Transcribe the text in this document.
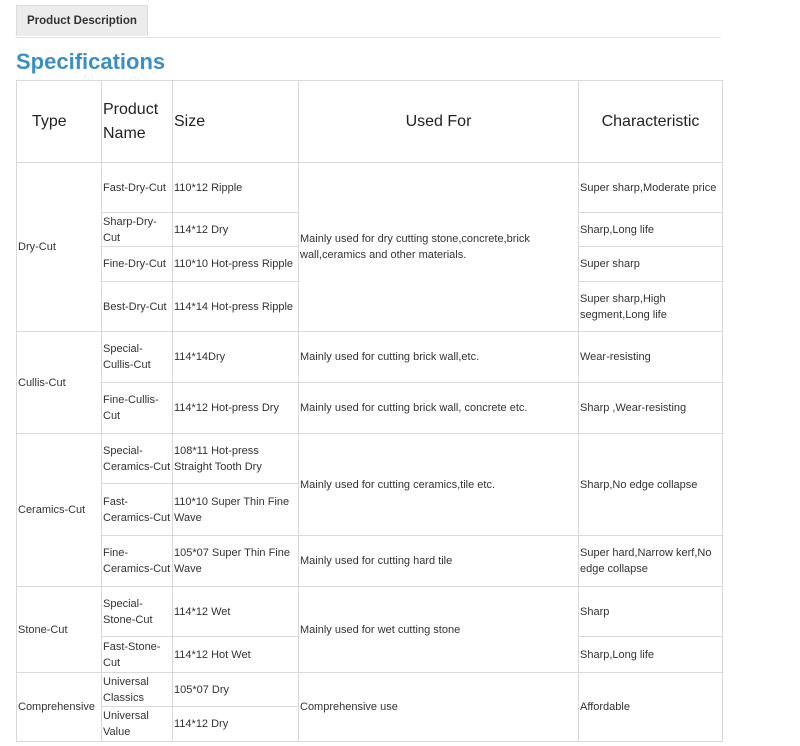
Product Description
Specifications
Type	Product Name	Size	Used For	Characteristic
Dry-Cut	Fast-Dry-Cut	110*12 Ripple	Mainly used for dry cutting stone,concrete,brick wall,ceramics and other materials.	Super sharp,Moderate price
	Sharp-Dry-Cut	114*12 Dry		Sharp,Long life
	Fine-Dry-Cut	110*10 Hot-press Ripple		Super sharp
	Best-Dry-Cut	114*14 Hot-press Ripple		Super sharp,High segment,Long life
Cullis-Cut	Special-Cullis-Cut	114*14Dry	Mainly used for cutting brick wall,etc.	Wear-resisting
	Fine-Cullis-Cut	114*12 Hot-press Dry	Mainly used for cutting brick wall, concrete etc.	Sharp ,Wear-resisting
Ceramics-Cut	Special-Ceramics-Cut	108*11 Hot-press Straight Tooth Dry	Mainly used for cutting ceramics,tile etc.	Sharp,No edge collapse
	Fast-Ceramics-Cut	110*10 Super Thin Fine Wave		
	Fine-Ceramics-Cut	105*07 Super Thin Fine Wave	Mainly used for cutting hard tile	Super hard,Narrow kerf,No edge collapse
Stone-Cut	Special-Stone-Cut	114*12 Wet	Mainly used for wet cutting stone	Sharp
	Fast-Stone-Cut	114*12 Hot Wet		Sharp,Long life
Comprehensive	Universal Classics	105*07 Dry	Comprehensive use	Affordable
	Universal Value	114*12 Dry		
